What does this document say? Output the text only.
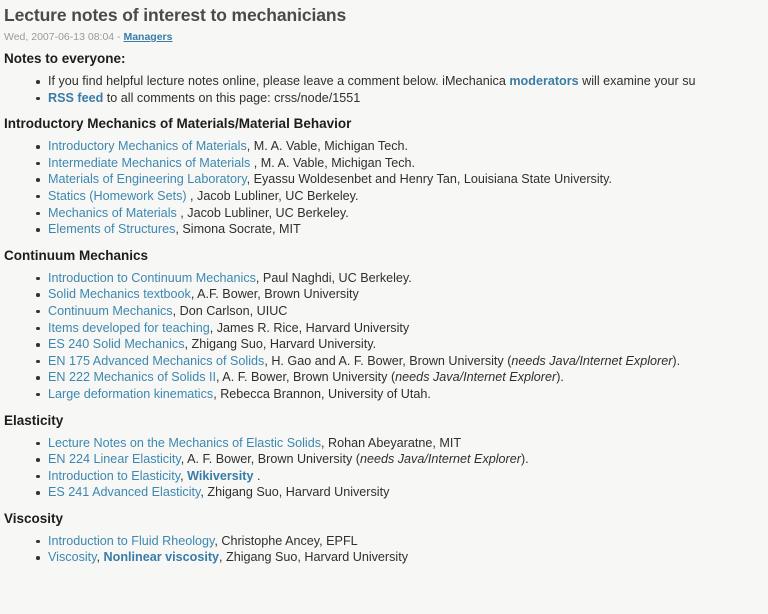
Lecture notes of interest to mechanicians
Wed, 2007-06-13 08:04 - Managers
Notes to everyone:
If you find helpful lecture notes online, please leave a comment below. iMechanica moderators will examine your su
RSS feed to all comments on this page: crss/node/1551
Introductory Mechanics of Materials/Material Behavior
Introductory Mechanics of Materials, M. A. Vable, Michigan Tech.
Intermediate Mechanics of Materials , M. A. Vable, Michigan Tech.
Materials of Engineering Laboratory, Eyassu Woldesenbet and Henry Tan, Louisiana State University.
Statics (Homework Sets) , Jacob Lubliner, UC Berkeley.
Mechanics of Materials , Jacob Lubliner, UC Berkeley.
Elements of Structures, Simona Socrate, MIT
Continuum Mechanics
Introduction to Continuum Mechanics, Paul Naghdi, UC Berkeley.
Solid Mechanics textbook, A.F. Bower, Brown University
Continuum Mechanics, Don Carlson, UIUC
Items developed for teaching, James R. Rice, Harvard University
ES 240 Solid Mechanics, Zhigang Suo, Harvard University.
EN 175 Advanced Mechanics of Solids, H. Gao and A. F. Bower, Brown University (needs Java/Internet Explorer).
EN 222 Mechanics of Solids II, A. F. Bower, Brown University (needs Java/Internet Explorer).
Large deformation kinematics, Rebecca Brannon, University of Utah.
Elasticity
Lecture Notes on the Mechanics of Elastic Solids, Rohan Abeyaratne, MIT
EN 224 Linear Elasticity, A. F. Bower, Brown University (needs Java/Internet Explorer).
Introduction to Elasticity, Wikiversity .
ES 241 Advanced Elasticity, Zhigang Suo, Harvard University
Viscosity
Introduction to Fluid Rheology, Christophe Ancey, EPFL
Viscosity, Nonlinear viscosity, Zhigang Suo, Harvard University
